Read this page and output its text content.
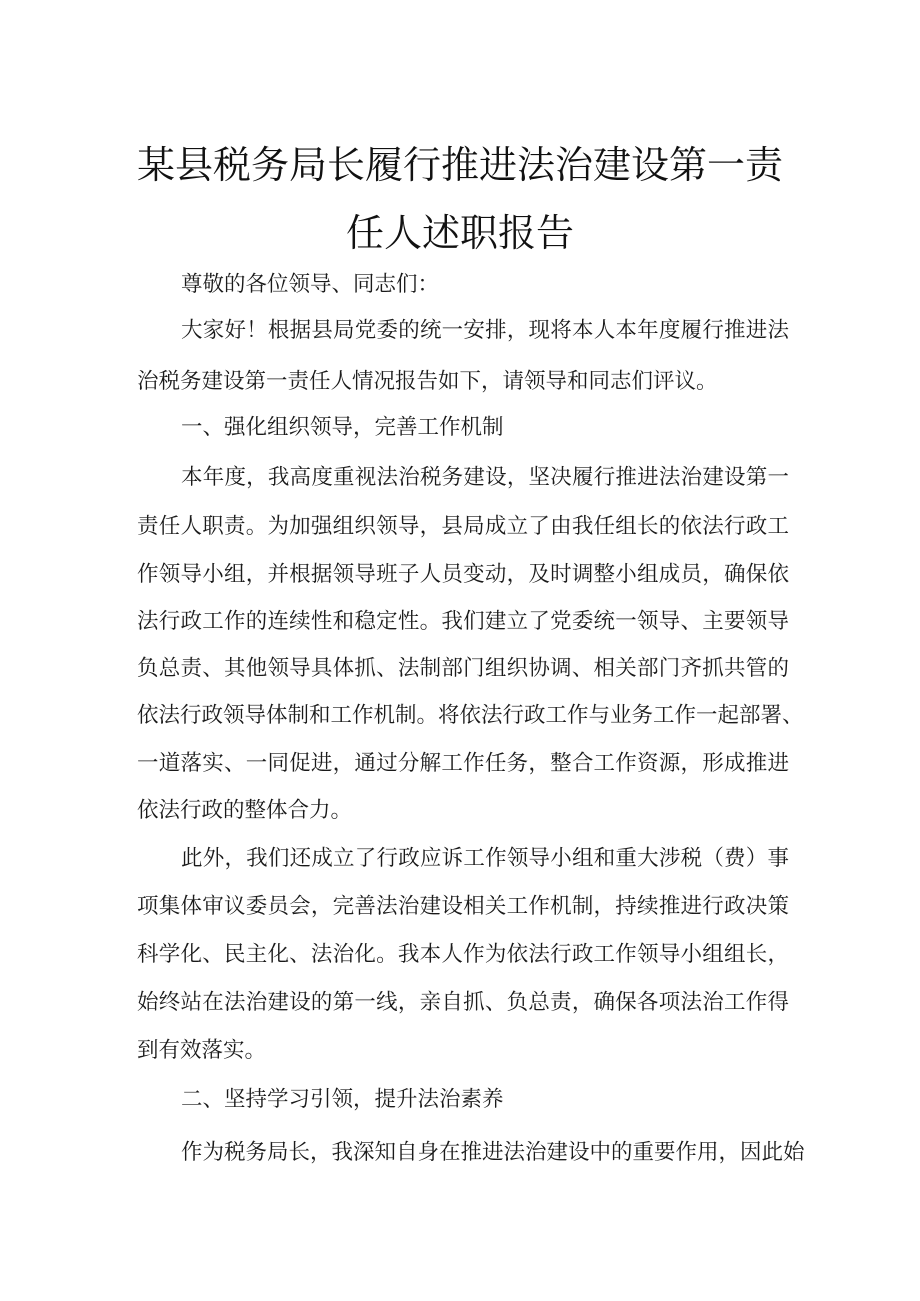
某县税务局长履行推进法治建设第一责
任人述职报告
尊敬的各位领导、同志们：
大家好！根据县局党委的统一安排，现将本人本年度履行推进法
治税务建设第一责任人情况报告如下，请领导和同志们评议。
一、强化组织领导，完善工作机制
本年度，我高度重视法治税务建设，坚决履行推进法治建设第一
责任人职责。为加强组织领导，县局成立了由我任组长的依法行政工
作领导小组，并根据领导班子人员变动，及时调整小组成员，确保依
法行政工作的连续性和稳定性。我们建立了党委统一领导、主要领导
负总责、其他领导具体抓、法制部门组织协调、相关部门齐抓共管的
依法行政领导体制和工作机制。将依法行政工作与业务工作一起部署、
一道落实、一同促进，通过分解工作任务，整合工作资源，形成推进
依法行政的整体合力。
此外，我们还成立了行政应诉工作领导小组和重大涉税（费）事
项集体审议委员会，完善法治建设相关工作机制，持续推进行政决策
科学化、民主化、法治化。我本人作为依法行政工作领导小组组长，
始终站在法治建设的第一线，亲自抓、负总责，确保各项法治工作得
到有效落实。
二、坚持学习引领，提升法治素养
作为税务局长，我深知自身在推进法治建设中的重要作用，因此始
